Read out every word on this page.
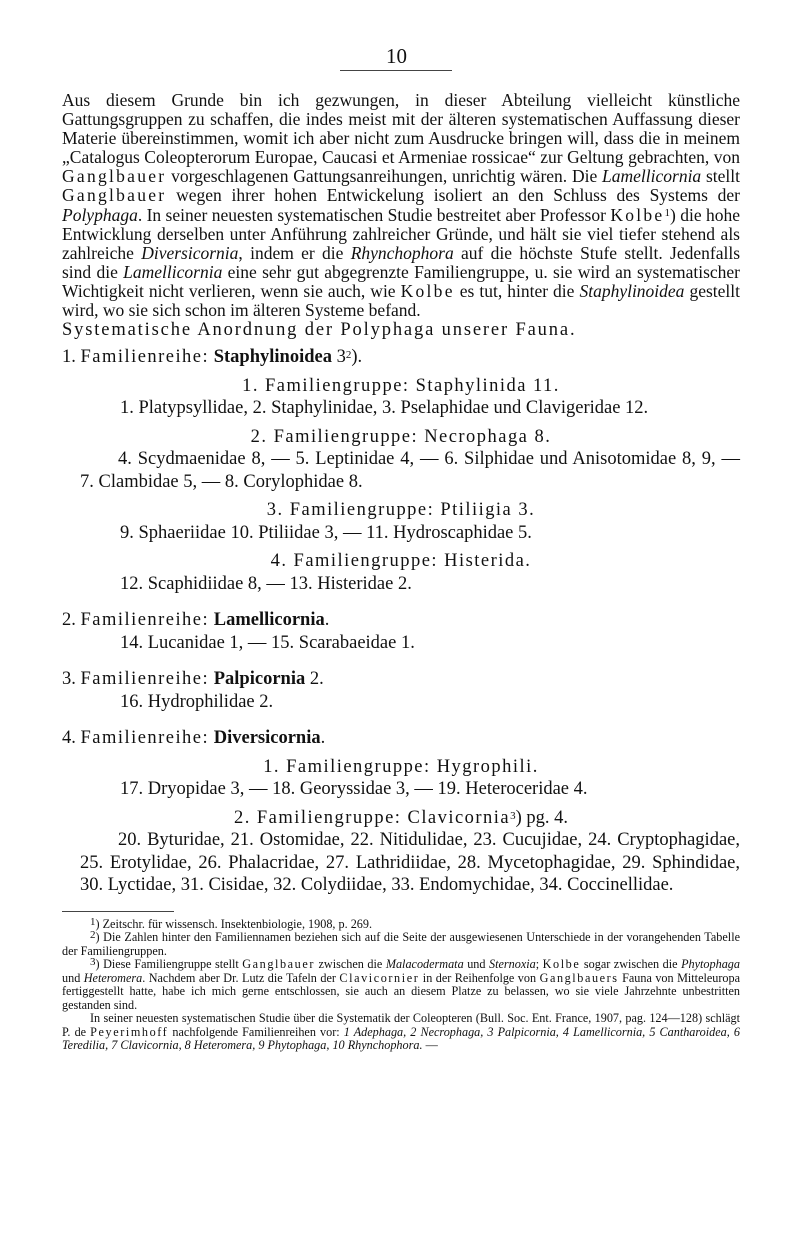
10

Aus diesem Grunde bin ich gezwungen, in dieser Abteilung vielleicht künstliche Gattungsgruppen zu schaffen, die indes meist mit der älteren systematischen Auffassung dieser Materie übereinstimmen, womit ich aber nicht zum Ausdrucke bringen will, dass die in meinem „Catalogus Coleopterorum Europae, Caucasi et Armeniae rossicae“ zur Geltung gebrachten, von Ganglbauer vorgeschlagenen Gattungsanreihungen, unrichtig wären. Die Lamellicornia stellt Ganglbauer wegen ihrer hohen Entwickelung isoliert an den Schluss des Systems der Polyphaga. In seiner neuesten systematischen Studie bestreitet aber Professor Kolbe$^1$) die hohe Entwicklung derselben unter Anführung zahlreicher Gründe, und hält sie viel tiefer stehend als zahlreiche Diversicornia, indem er die Rhynchophora auf die höchste Stufe stellt. Jedenfalls sind die Lamellicornia eine sehr gut abgegrenzte Familiengruppe, u. sie wird an systematischer Wichtigkeit nicht verlieren, wenn sie auch, wie Kolbe es tut, hinter die Staphylinoidea gestellt wird, wo sie sich schon im älteren Systeme befand.

Systematische Anordnung der Polyphaga unserer Fauna.

1. Familienreihe: Staphylinoidea $3^2$).

1. Familiengruppe: Staphylinida 11.

1. Platypsyllidae, 2. Staphylinidae, 3. Pselaphidae und Clavigeridae 12.

2. Familiengruppe: Necrophaga 8.

4. Scydmaenidae 8, — 5. Leptinidae 4, — 6. Silphidae und Anisotomidae 8, 9, — 7. Clambidae 5, — 8. Corylophidae 8.

3. Familiengruppe: Ptiliigia 3.

9. Sphaeriidae 10. Ptiliidae 3, — 11. Hydroscaphidae 5.

4. Familiengruppe: Histerida.

12. Scaphidiidae 8, — 13. Histeridae 2.

2. Familienreihe: Lamellicornia.

14. Lucanidae 1, — 15. Scarabaeidae 1.

3. Familienreihe: Palpicornia 2.

16. Hydrophilidae 2.

4. Familienreihe: Diversicornia.

1. Familiengruppe: Hygrophili.

17. Dryopidae 3, — 18. Georyssidae 3, — 19. Heteroceridae 4.

2. Familiengruppe: Clavicornia$^3$) pg. 4.

20. Byturidae, 21. Ostomidae, 22. Nitidulidae, 23. Cucujidae, 24. Cryptophagidae, 25. Erotylidae, 26. Phalacridae, 27. Lathridiidae, 28. Mycetophagidae, 29. Sphindidae, 30. Lyctidae, 31. Cisidae, 32. Colydiidae, 33. Endomychidae, 34. Coccinellidae.

1) Zeitschr. für wissensch. Insektenbiologie, 1908, p. 269.

2) Die Zahlen hinter den Familiennamen beziehen sich auf die Seite der ausgewiesenen Unterschiede in der vorangehenden Tabelle der Familiengruppen.

3) Diese Familiengruppe stellt Ganglbauer zwischen die Malacodermata und Sternoxia; Kolbe sogar zwischen die Phytophaga und Heteromera. Nachdem aber Dr. Lutz die Tafeln der Clavicornier in der Reihenfolge von Ganglbauers Fauna von Mitteleuropa fertiggestellt hatte, habe ich mich gerne entschlossen, sie auch an diesem Platze zu belassen, wo sie viele Jahrzehnte unbestritten gestanden sind.

In seiner neuesten systematischen Studie über die Systematik der Coleopteren (Bull. Soc. Ent. France, 1907, pag. 124—128) schlägt P. de Peyerimhoff nachfolgende Familienreihen vor: 1 Adephaga, 2 Necrophaga, 3 Palpicornia, 4 Lamellicornia, 5 Cantharoidea, 6 Teredilia, 7 Clavicornia, 8 Heteromera, 9 Phytophaga, 10 Rhynchophora. —
